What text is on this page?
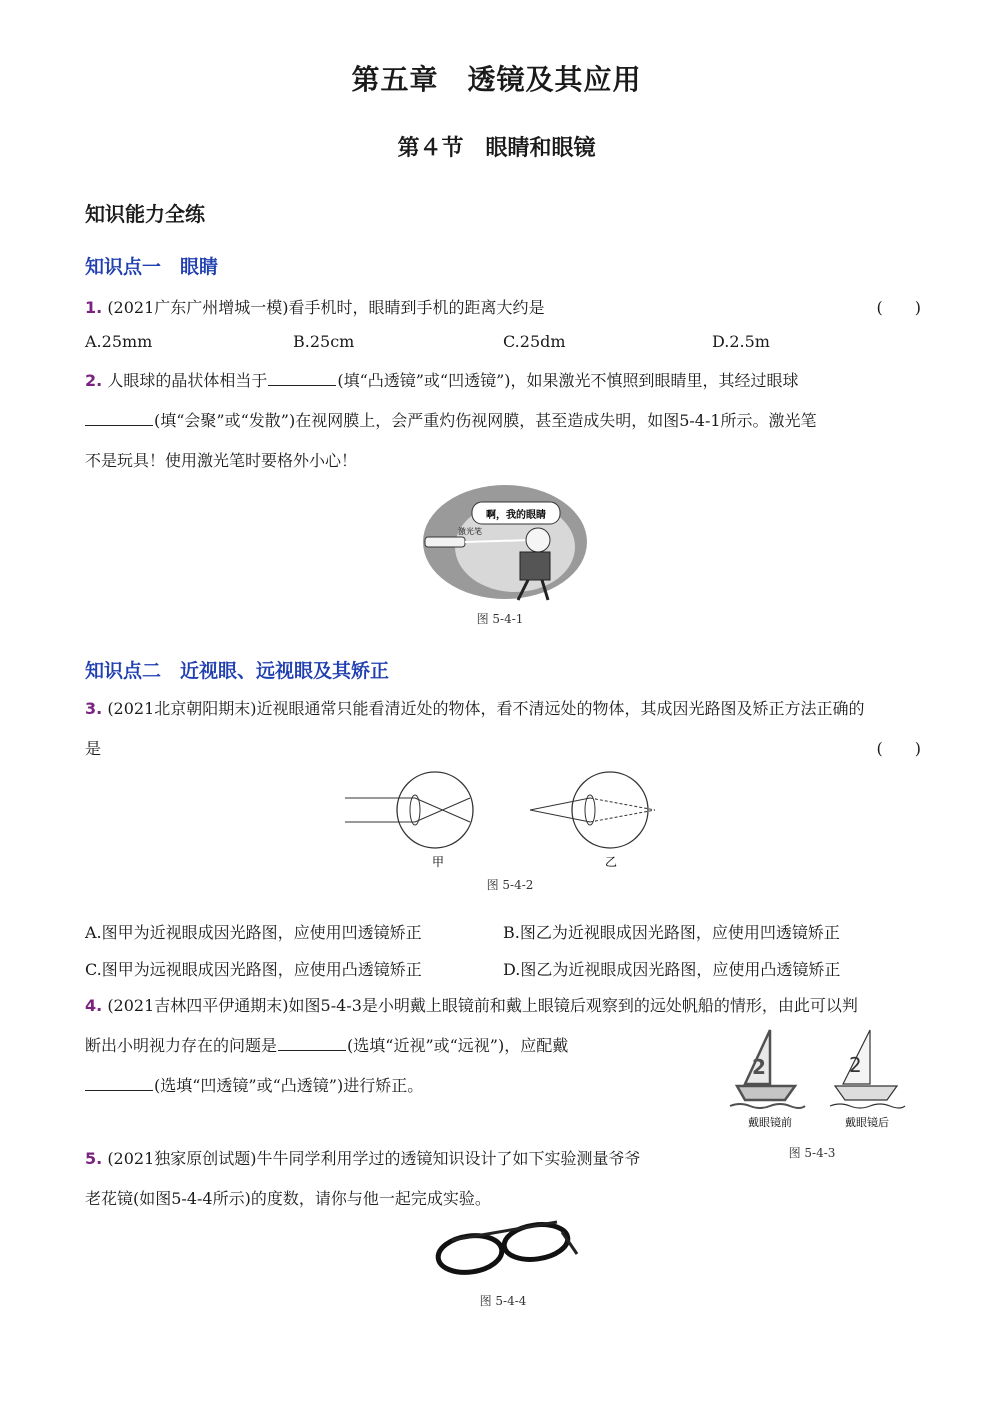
第五章　透镜及其应用
第４节　眼睛和眼镜
知识能力全练
知识点一　眼睛
1. (2021广东广州增城一模)看手机时，眼睛到手机的距离大约是	(　　)
A.25mm	B.25cm	C.25dm	D.2.5m
2. 人眼球的晶状体相当于	(填“凸透镜”或“凹透镜”)，如果激光不慎照到眼睛里，其经过眼球
(填“会聚”或“发散”)在视网膜上，会严重灼伤视网膜，甚至造成失明，如图5-4-1所示。激光笔
不是玩具！使用激光笔时要格外小心！
啊，我的眼睛
激光笔
图 5-4-1
知识点二　近视眼、远视眼及其矫正
3. (2021北京朝阳期末)近视眼通常只能看清近处的物体，看不清远处的物体，其成因光路图及矫正方法正确的
是	(　　)
甲	乙
图 5-4-2
A.图甲为近视眼成因光路图，应使用凹透镜矫正	B.图乙为近视眼成因光路图，应使用凹透镜矫正
C.图甲为远视眼成因光路图，应使用凸透镜矫正	D.图乙为近视眼成因光路图，应使用凸透镜矫正
4. (2021吉林四平伊通期末)如图5-4-3是小明戴上眼镜前和戴上眼镜后观察到的远处帆船的情形，由此可以判
断出小明视力存在的问题是	(选填“近视”或“远视”)，应配戴
(选填“凹透镜”或“凸透镜”)进行矫正。
2
戴眼镜前
2
戴眼镜后
图 5-4-3
5. (2021独家原创试题)牛牛同学利用学过的透镜知识设计了如下实验测量爷爷
老花镜(如图5-4-4所示)的度数，请你与他一起完成实验。
图 5-4-4
